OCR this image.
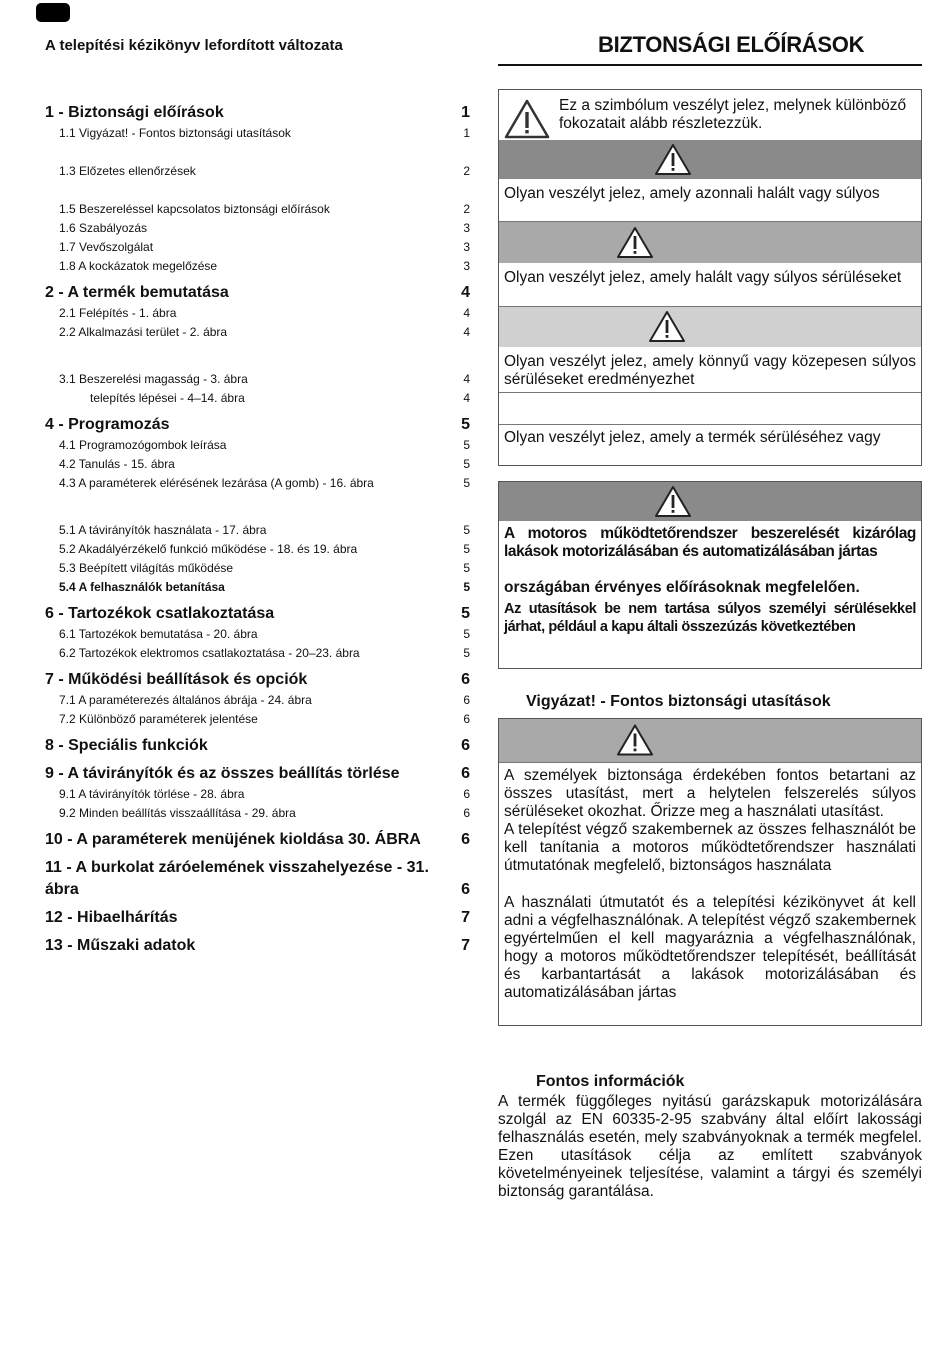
A telepítési kézikönyv lefordított változata	BIZTONSÁGI ELŐÍRÁSOK
1 - Biztonsági előírások	1
1.1 Vigyázat! - Fontos biztonsági utasítások	1
1.3 Előzetes ellenőrzések	2
1.5 Beszereléssel kapcsolatos biztonsági előírások	2
1.6 Szabályozás	3
1.7 Vevőszolgálat	3
1.8 A kockázatok megelőzése	3
2 - A termék bemutatása	4
2.1 Felépítés - 1. ábra	4
2.2 Alkalmazási terület - 2. ábra	4
3.1 Beszerelési magasság - 3. ábra	4
telepítés lépései - 4–14. ábra	4
4 - Programozás	5
4.1 Programozógombok leírása	5
4.2 Tanulás - 15. ábra	5
4.3 A paraméterek elérésének lezárása (A gomb) - 16. ábra	5
5.1 A távirányítók használata - 17. ábra	5
5.2 Akadályérzékelő funkció működése - 18. és 19. ábra	5
5.3 Beépített világítás működése	5
5.4 A felhasználók betanítása	5
6 - Tartozékok csatlakoztatása	5
6.1 Tartozékok bemutatása - 20. ábra	5
6.2 Tartozékok elektromos csatlakoztatása - 20–23. ábra	5
7 - Működési beállítások és opciók	6
7.1 A paraméterezés általános ábrája - 24. ábra	6
7.2 Különböző paraméterek jelentése	6
8 - Speciális funkciók	6
9 - A távirányítók és az összes beállítás törlése	6
9.1 A távirányítók törlése - 28. ábra	6
9.2 Minden beállítás visszaállítása - 29. ábra	6
10 - A paraméterek menüjének kioldása 30. ÁBRA	6
11 - A burkolat záróelemének visszahelyezése - 31. ábra	6
12 - Hibaelhárítás	7
13 - Műszaki adatok	7
Ez a szimbólum veszélyt jelez, melynek különböző fokozatait alább részletezzük.
Olyan veszélyt jelez, amely azonnali halált vagy súlyos
Olyan veszélyt jelez, amely halált vagy súlyos sérüléseket
Olyan veszélyt jelez, amely könnyű vagy közepesen súlyos sérüléseket eredményezhet
Olyan veszélyt jelez, amely a termék sérüléséhez vagy
A motoros működtetőrendszer beszerelését kizárólag lakások motorizálásában és automatizálásában jártas
országában érvényes előírásoknak megfelelően.
Az utasítások be nem tartása súlyos személyi sérülésekkel járhat, például a kapu általi összezúzás következtében
Vigyázat! - Fontos biztonsági utasítások
A személyek biztonsága érdekében fontos betartani az összes utasítást, mert a helytelen felszerelés súlyos sérüléseket okozhat. Őrizze meg a használati utasítást.
A telepítést végző szakembernek az összes felhasználót be kell tanítania a motoros működtetőrendszer használati útmutatónak megfelelő, biztonságos használata
A használati útmutatót és a telepítési kézikönyvet át kell adni a végfelhasználónak. A telepítést végző szakembernek egyértelműen el kell magyaráznia a végfelhasználónak, hogy a motoros működtetőrendszer telepítését, beállítását és karbantartását a lakások motorizálásában és automatizálásában jártas
Fontos információk
A termék függőleges nyitású garázskapuk motorizálására szolgál az EN 60335-2-95 szabvány által előírt lakossági felhasználás esetén, mely szabványoknak a termék megfelel. Ezen utasítások célja az említett szabványok követelményeinek teljesítése, valamint a tárgyi és személyi biztonság garantálása.
